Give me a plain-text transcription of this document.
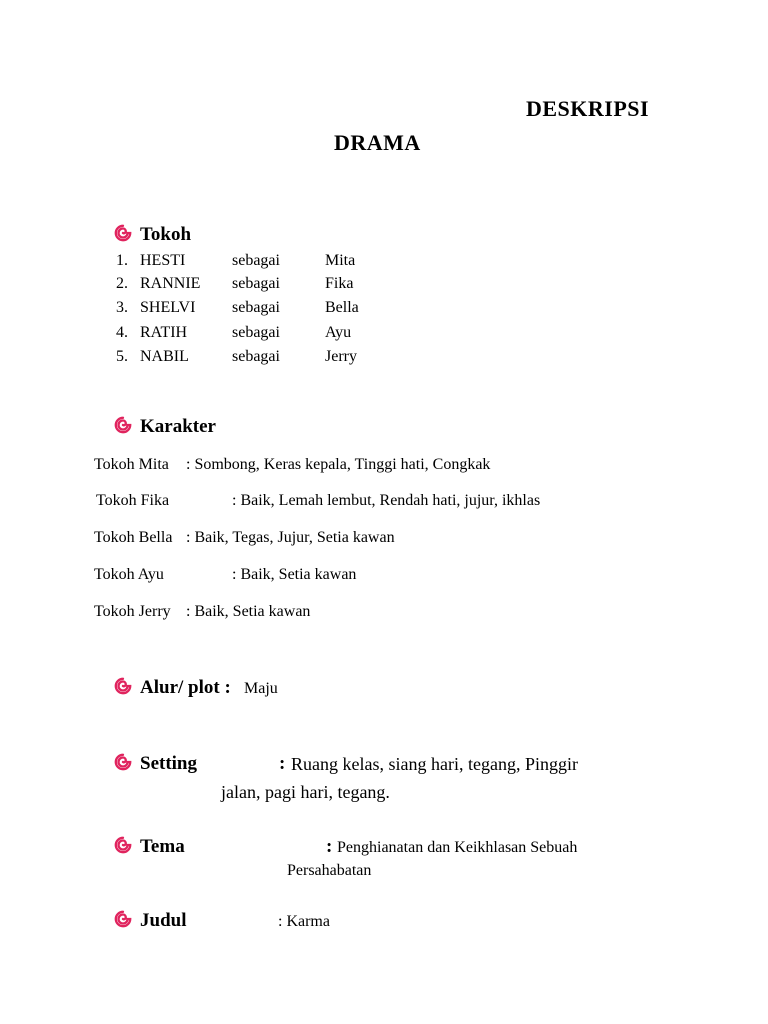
DESKRIPSI
DRAMA
Tokoh
1. HESTI	sebagai	Mita
2. RANNIE sebagai	Fika
3. SHELVI sebagai	Bella
4. RATIH	sebagai	Ayu
5. NABIL	sebagai	Jerry
Karakter
Tokoh Mita : Sombong, Keras kepala, Tinggi hati, Congkak
Tokoh Fika	: Baik, Lemah lembut, Rendah hati, jujur, ikhlas
Tokoh Bella : Baik, Tegas, Jujur, Setia kawan
Tokoh Ayu	: Baik, Setia kawan
Tokoh Jerry : Baik, Setia kawan
Alur/ plot : Maju
Setting	: Ruang kelas, siang hari, tegang, Pinggir
jalan, pagi hari, tegang.
Tema	: Penghianatan dan Keikhlasan Sebuah
Persahabatan
Judul	: Karma
